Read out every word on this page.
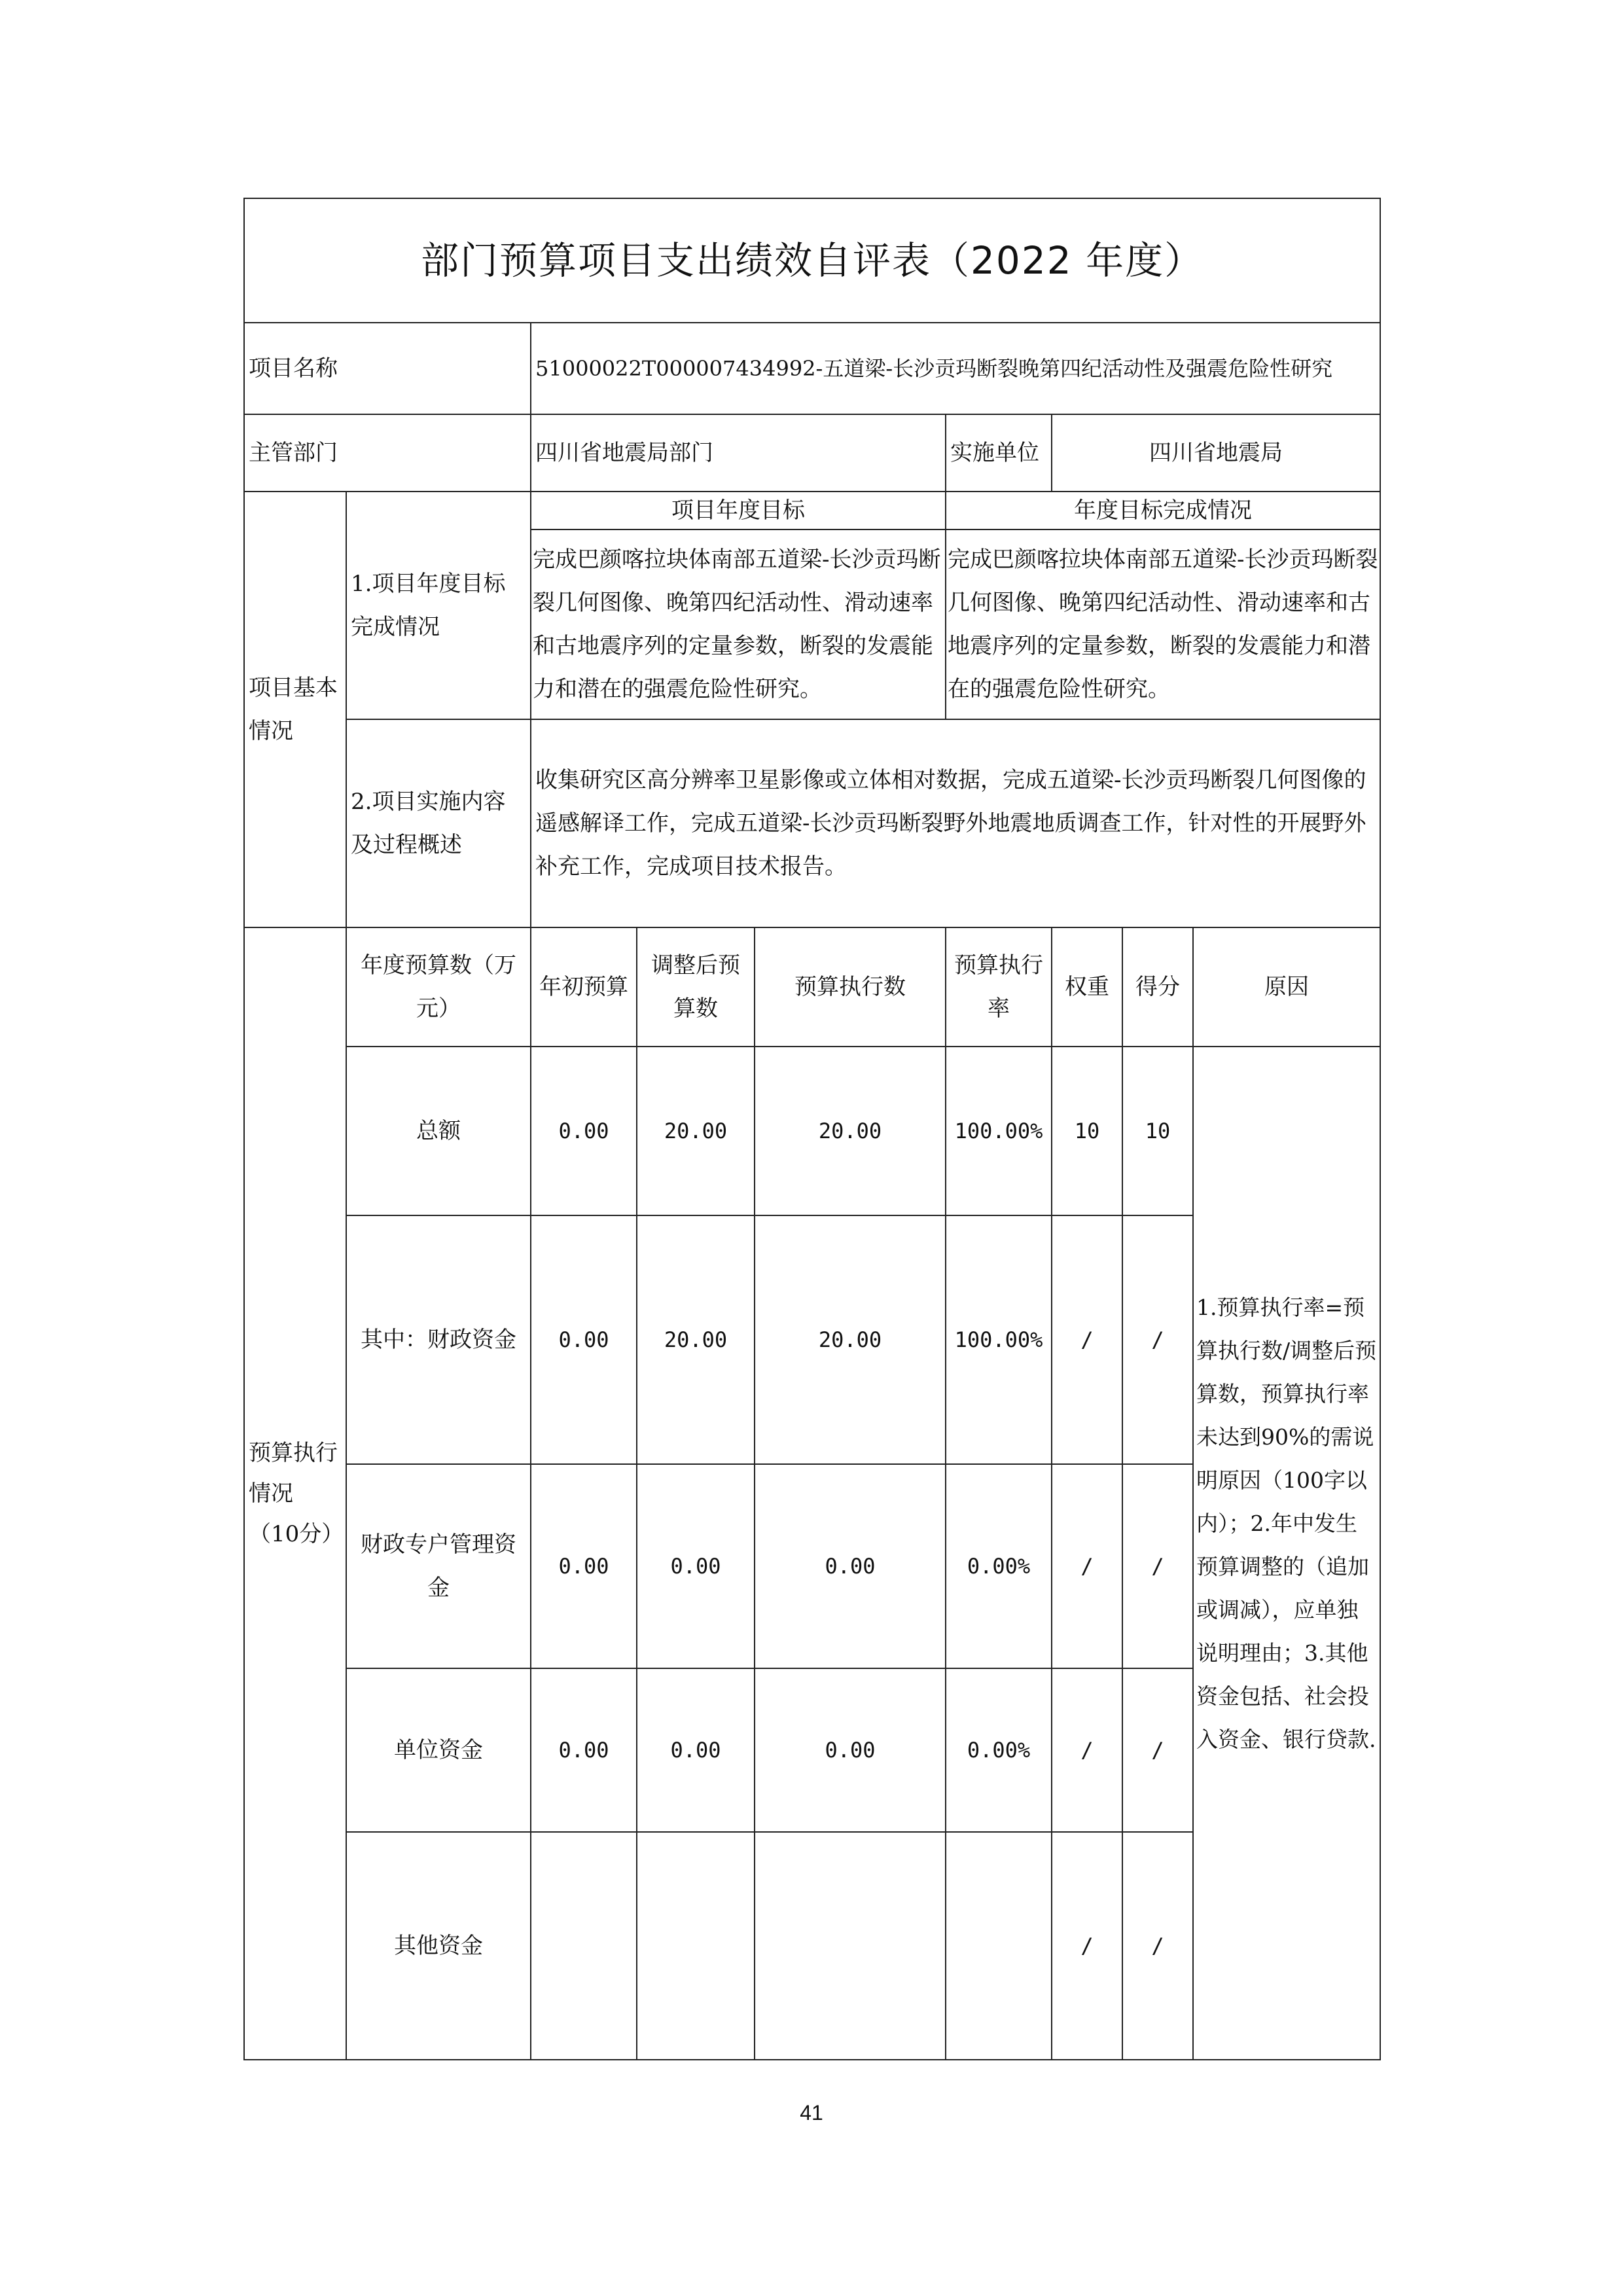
部门预算项目支出绩效自评表（2022 年度）								
项目名称		51000022T000007434992-五道梁-长沙贡玛断裂晚第四纪活动性及强震危险性研究						
主管部门		四川省地震局部门			实施单位	四川省地震局		
项目基本情况	1.项目年度目标完成情况	项目年度目标			年度目标完成情况			
		完成巴颜喀拉块体南部五道梁-长沙贡玛断裂几何图像、晚第四纪活动性、滑动速率和古地震序列的定量参数，断裂的发震能力和潜在的强震危险性研究。			完成巴颜喀拉块体南部五道梁-长沙贡玛断裂几何图像、晚第四纪活动性、滑动速率和古地震序列的定量参数，断裂的发震能力和潜在的强震危险性研究。			
	2.项目实施内容及过程概述	收集研究区高分辨率卫星影像或立体相对数据，完成五道梁-长沙贡玛断裂几何图像的遥感解译工作，完成五道梁-长沙贡玛断裂野外地震地质调查工作，针对性的开展野外补充工作，完成项目技术报告。						
预算执行情况（10分）	年度预算数（万元）	年初预算	调整后预算数	预算执行数	预算执行率	权重	得分	原因
	总额	0.00	20.00	20.00	100.00%	10	10	1.预算执行率=预算执行数/调整后预算数，预算执行率未达到90%的需说明原因（100字以内）；2.年中发生预算调整的（追加或调减），应单独说明理由；3.其他资金包括、社会投入资金、银行贷款.

	其中：财政资金	0.00	20.00	20.00	100.00%	/	/	
	财政专户管理资金	0.00	0.00	0.00	0.00%	/	/	
	单位资金	0.00	0.00	0.00	0.00%	/	/	
	其他资金					/	/	
41
